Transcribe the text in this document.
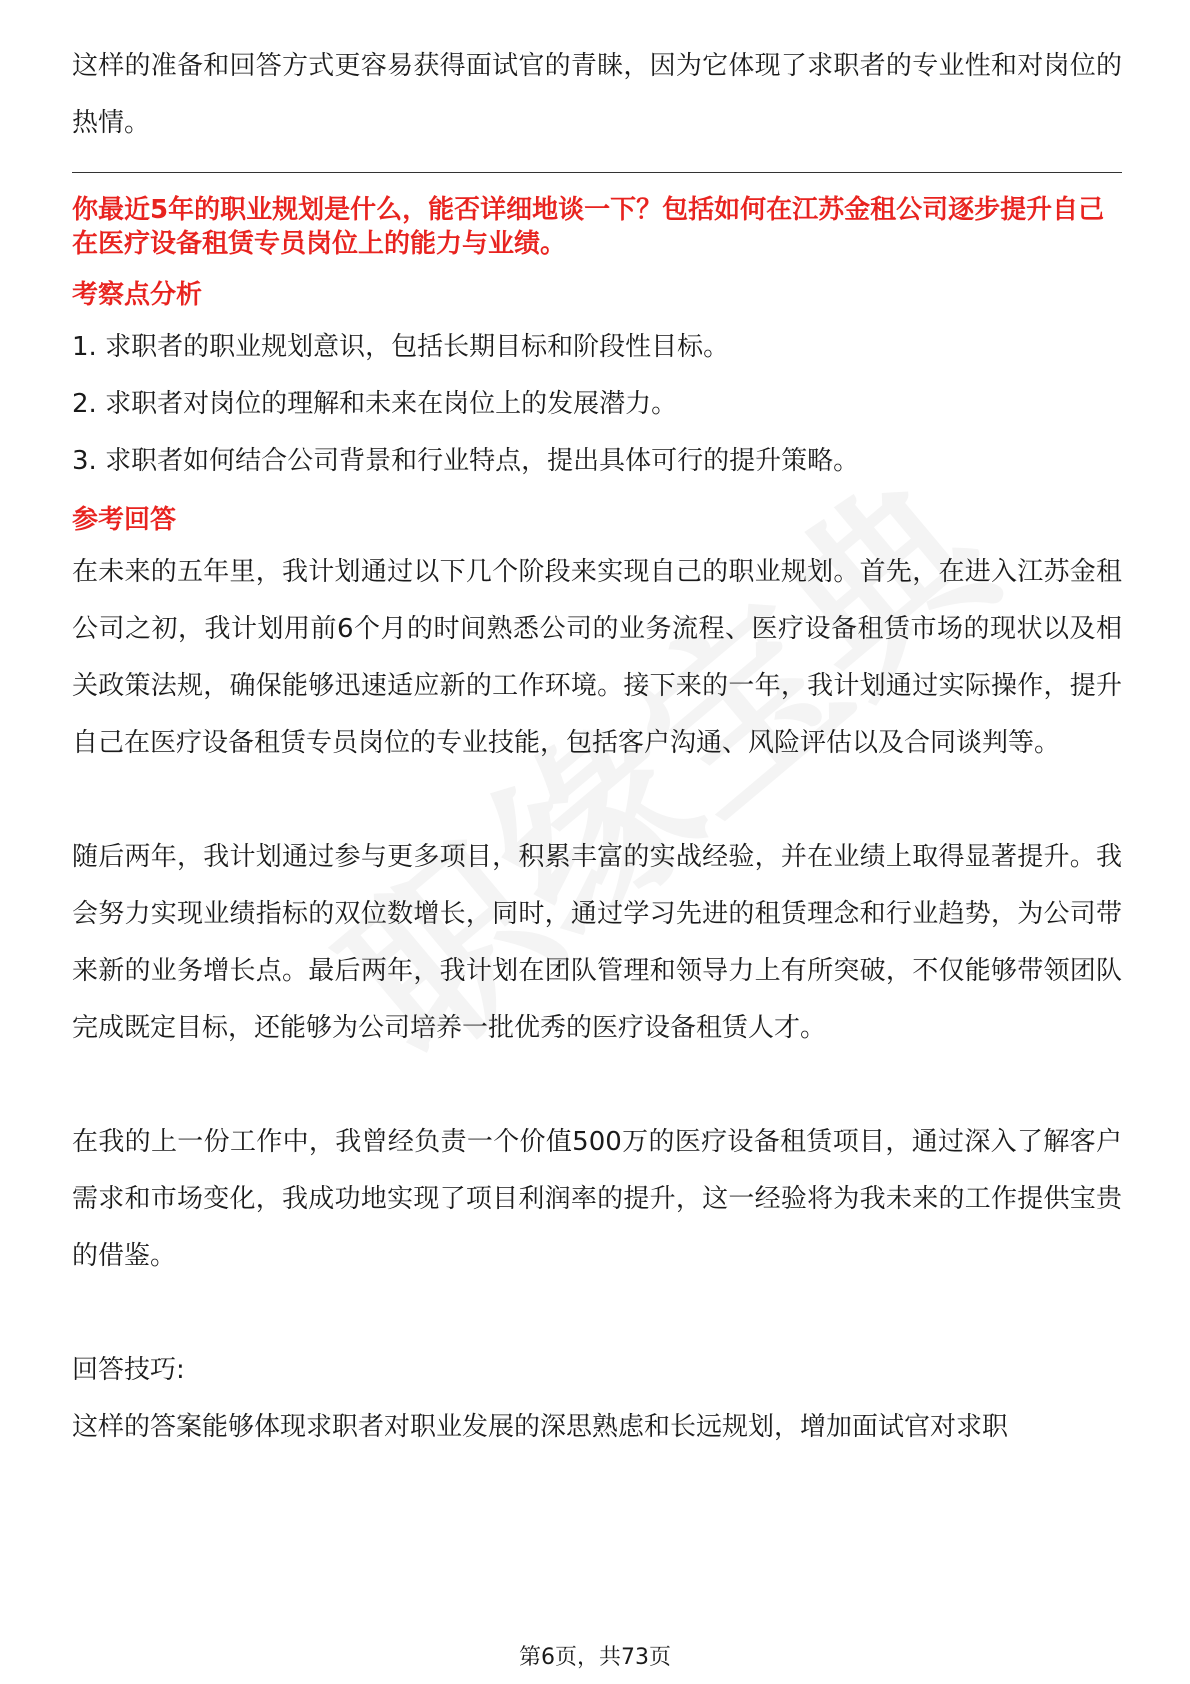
这样的准备和回答方式更容易获得面试官的青睐，因为它体现了求职者的专业性和对岗位的热情。

你最近5年的职业规划是什么，能否详细地谈一下？包括如何在江苏金租公司逐步提升自己在医疗设备租赁专员岗位上的能力与业绩。

考察点分析

1. 求职者的职业规划意识，包括长期目标和阶段性目标。
2. 求职者对岗位的理解和未来在岗位上的发展潜力。
3. 求职者如何结合公司背景和行业特点，提出具体可行的提升策略。

参考回答

在未来的五年里，我计划通过以下几个阶段来实现自己的职业规划。首先，在进入江苏金租公司之初，我计划用前6个月的时间熟悉公司的业务流程、医疗设备租赁市场的现状以及相关政策法规，确保能够迅速适应新的工作环境。接下来的一年，我计划通过实际操作，提升自己在医疗设备租赁专员岗位的专业技能，包括客户沟通、风险评估以及合同谈判等。

随后两年，我计划通过参与更多项目，积累丰富的实战经验，并在业绩上取得显著提升。我会努力实现业绩指标的双位数增长，同时，通过学习先进的租赁理念和行业趋势，为公司带来新的业务增长点。最后两年，我计划在团队管理和领导力上有所突破，不仅能够带领团队完成既定目标，还能够为公司培养一批优秀的医疗设备租赁人才。

在我的上一份工作中，我曾经负责一个价值500万的医疗设备租赁项目，通过深入了解客户需求和市场变化，我成功地实现了项目利润率的提升，这一经验将为我未来的工作提供宝贵的借鉴。

回答技巧:

这样的答案能够体现求职者对职业发展的深思熟虑和长远规划，增加面试官对求职

第6页，共73页
